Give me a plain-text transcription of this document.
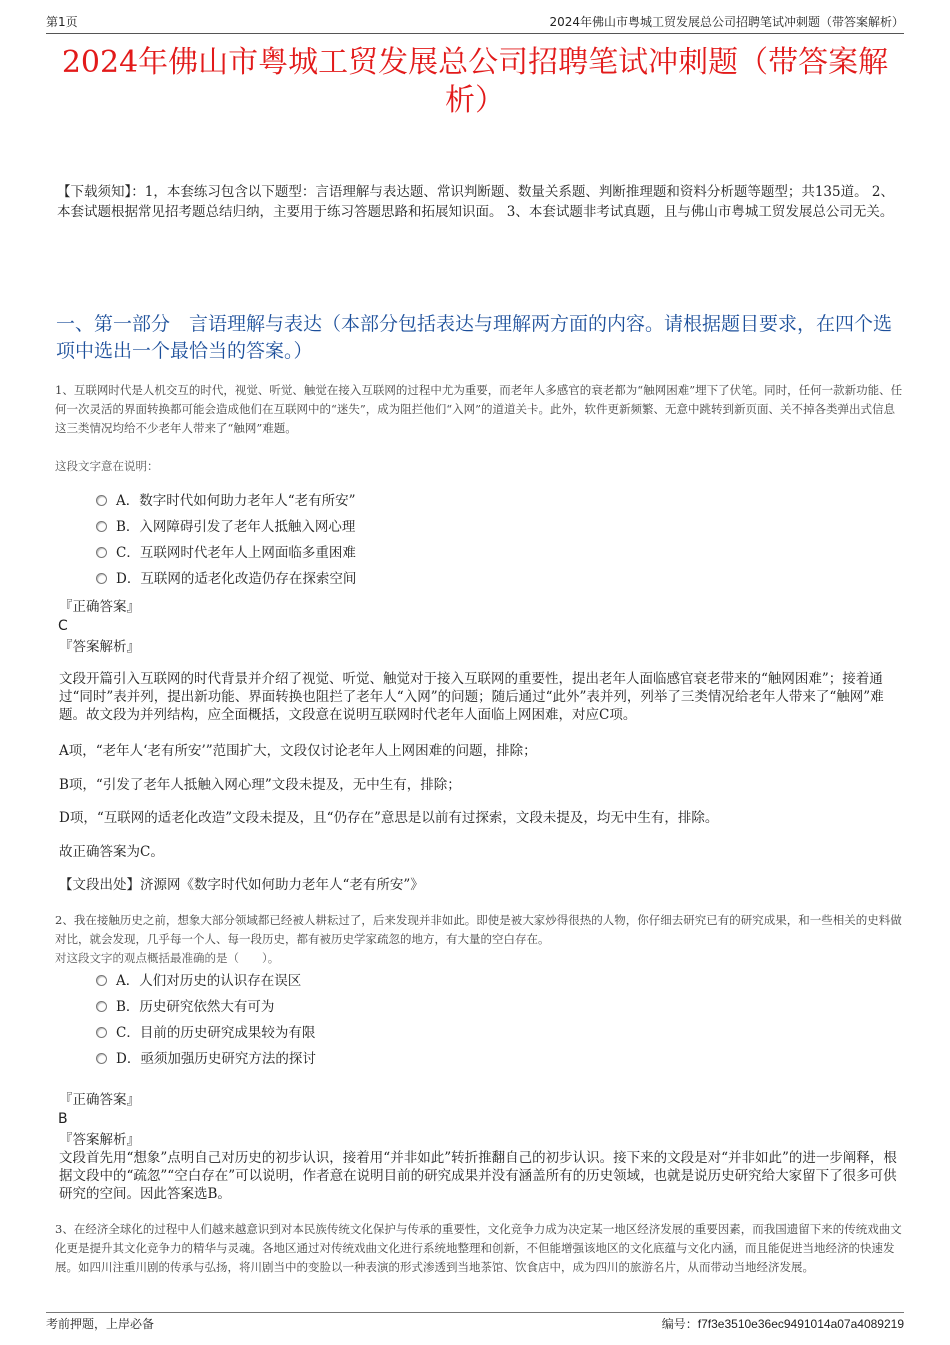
第1页	2024年佛山市粤城工贸发展总公司招聘笔试冲刺题（带答案解析）
2024年佛山市粤城工贸发展总公司招聘笔试冲刺题（带答案解析）
【下载须知】：1，本套练习包含以下题型：言语理解与表达题、常识判断题、数量关系题、判断推理题和资料分析题等题型；共135道。 2、本套试题根据常见招考题总结归纳，主要用于练习答题思路和拓展知识面。 3、本套试题非考试真题，且与佛山市粤城工贸发展总公司无关。
一、第一部分　言语理解与表达（本部分包括表达与理解两方面的内容。请根据题目要求，在四个选项中选出一个最恰当的答案。）
1、互联网时代是人机交互的时代，视觉、听觉、触觉在接入互联网的过程中尤为重要，而老年人多感官的衰老都为“触网困难”埋下了伏笔。同时，任何一款新功能、任何一次灵活的界面转换都可能会造成他们在互联网中的“迷失”，成为阻拦他们“入网”的道道关卡。此外，软件更新频繁、无意中跳转到新页面、关不掉各类弹出式信息这三类情况均给不少老年人带来了“触网”难题。
这段文字意在说明：
A．数字时代如何助力老年人“老有所安”
B．入网障碍引发了老年人抵触入网心理
C．互联网时代老年人上网面临多重困难
D．互联网的适老化改造仍存在探索空间
『正确答案』
C
『答案解析』
文段开篇引入互联网的时代背景并介绍了视觉、听觉、触觉对于接入互联网的重要性，提出老年人面临感官衰老带来的“触网困难”；接着通过“同时”表并列，提出新功能、界面转换也阻拦了老年人“入网”的问题；随后通过“此外”表并列，列举了三类情况给老年人带来了“触网”难题。故文段为并列结构，应全面概括，文段意在说明互联网时代老年人面临上网困难，对应C项。
A项，“老年人‘老有所安’”范围扩大，文段仅讨论老年人上网困难的问题，排除；
B项，“引发了老年人抵触入网心理”文段未提及，无中生有，排除；
D项，“互联网的适老化改造”文段未提及，且“仍存在”意思是以前有过探索，文段未提及，均无中生有，排除。
故正确答案为C。
【文段出处】济源网《数字时代如何助力老年人“老有所安”》
2、我在接触历史之前，想象大部分领域都已经被人耕耘过了，后来发现并非如此。即使是被大家炒得很热的人物，你仔细去研究已有的研究成果，和一些相关的史料做对比，就会发现，几乎每一个人、每一段历史，都有被历史学家疏忽的地方，有大量的空白存在。
对这段文字的观点概括最准确的是（　　）。
A．人们对历史的认识存在误区
B．历史研究依然大有可为
C．目前的历史研究成果较为有限
D．亟须加强历史研究方法的探讨
『正确答案』
B
『答案解析』
文段首先用“想象”点明自己对历史的初步认识，接着用“并非如此”转折推翻自己的初步认识。接下来的文段是对“并非如此”的进一步阐释，根据文段中的“疏忽”“空白存在”可以说明，作者意在说明目前的研究成果并没有涵盖所有的历史领域，也就是说历史研究给大家留下了很多可供研究的空间。因此答案选B。
3、在经济全球化的过程中人们越来越意识到对本民族传统文化保护与传承的重要性，文化竞争力成为决定某一地区经济发展的重要因素，而我国遗留下来的传统戏曲文化更是提升其文化竞争力的精华与灵魂。各地区通过对传统戏曲文化进行系统地整理和创新，不但能增强该地区的文化底蕴与文化内涵，而且能促进当地经济的快速发展。如四川注重川剧的传承与弘扬，将川剧当中的变脸以一种表演的形式渗透到当地茶馆、饮食店中，成为四川的旅游名片，从而带动当地经济发展。
考前押题，上岸必备	编号：f7f3e3510e36ec9491014a07a4089219
